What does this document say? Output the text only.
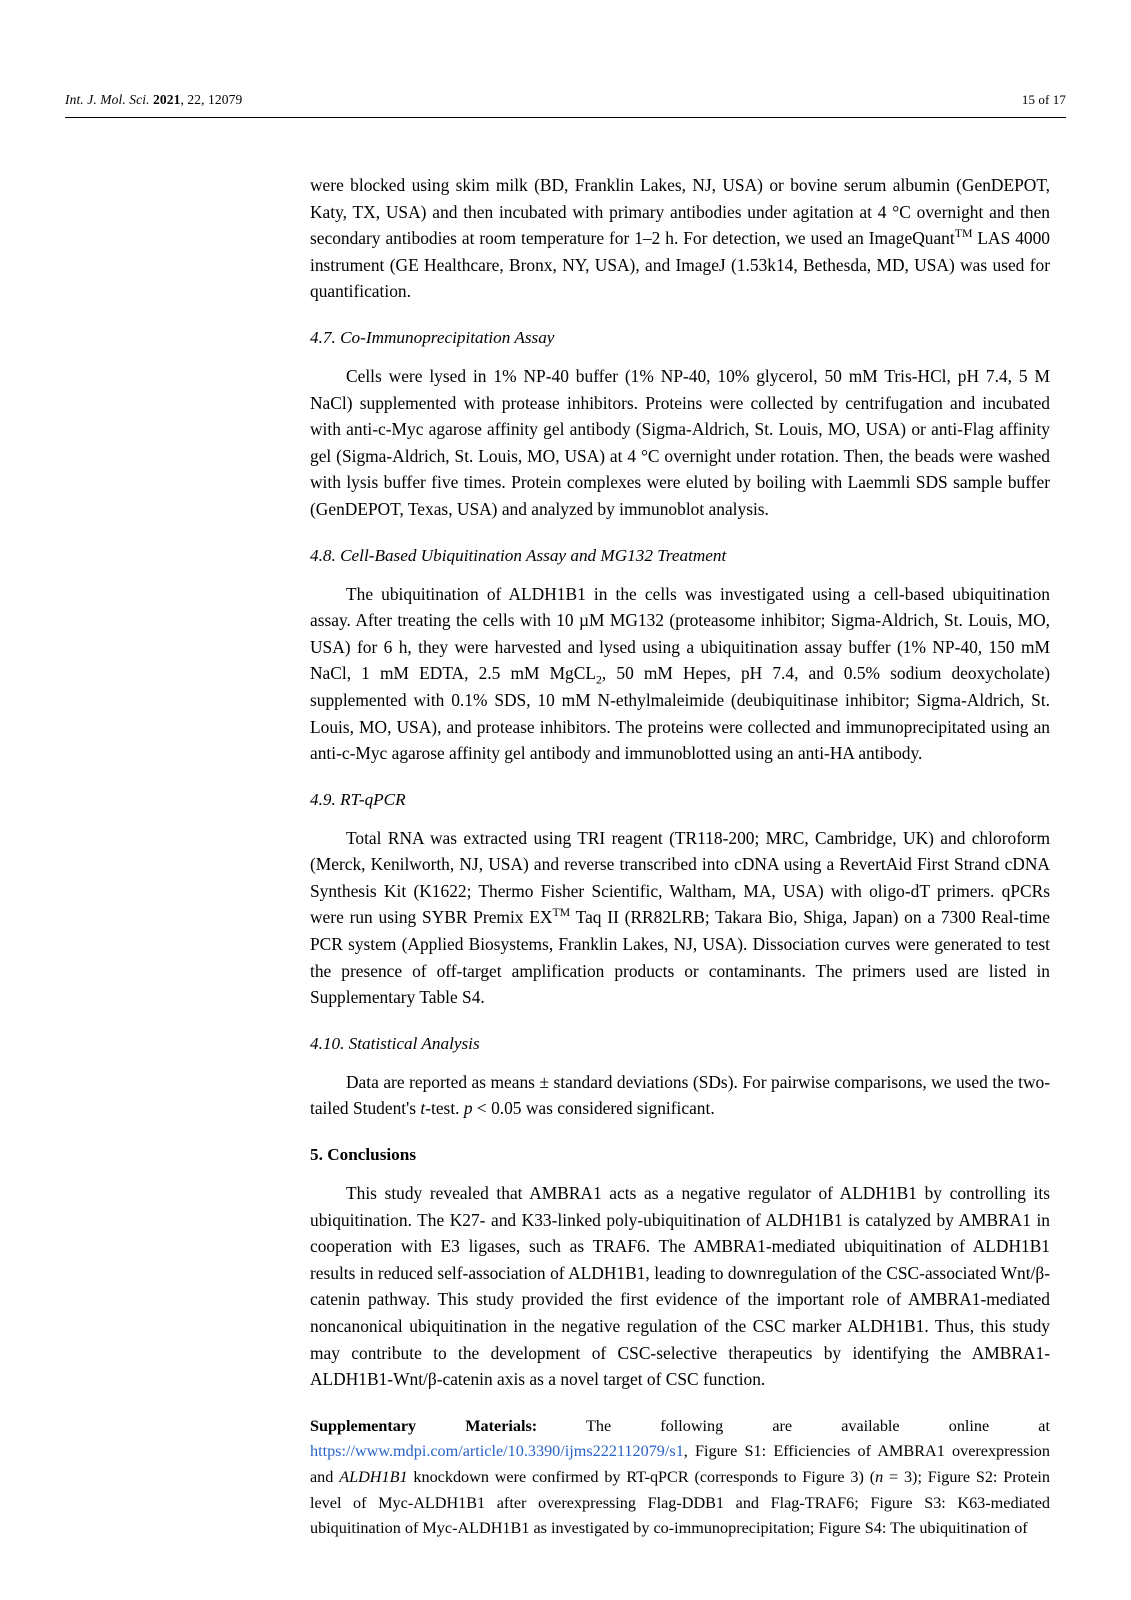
Int. J. Mol. Sci. 2021, 22, 12079	15 of 17

were blocked using skim milk (BD, Franklin Lakes, NJ, USA) or bovine serum albumin (GenDEPOT, Katy, TX, USA) and then incubated with primary antibodies under agitation at 4 °C overnight and then secondary antibodies at room temperature for 1–2 h. For detection, we used an ImageQuant™ LAS 4000 instrument (GE Healthcare, Bronx, NY, USA), and ImageJ (1.53k14, Bethesda, MD, USA) was used for quantification.

4.7. Co-Immunoprecipitation Assay

Cells were lysed in 1% NP-40 buffer (1% NP-40, 10% glycerol, 50 mM Tris-HCl, pH 7.4, 5 M NaCl) supplemented with protease inhibitors. Proteins were collected by centrifugation and incubated with anti-c-Myc agarose affinity gel antibody (Sigma-Aldrich, St. Louis, MO, USA) or anti-Flag affinity gel (Sigma-Aldrich, St. Louis, MO, USA) at 4 °C overnight under rotation. Then, the beads were washed with lysis buffer five times. Protein complexes were eluted by boiling with Laemmli SDS sample buffer (GenDEPOT, Texas, USA) and analyzed by immunoblot analysis.

4.8. Cell-Based Ubiquitination Assay and MG132 Treatment

The ubiquitination of ALDH1B1 in the cells was investigated using a cell-based ubiquitination assay. After treating the cells with 10 µM MG132 (proteasome inhibitor; Sigma-Aldrich, St. Louis, MO, USA) for 6 h, they were harvested and lysed using a ubiquitination assay buffer (1% NP-40, 150 mM NaCl, 1 mM EDTA, 2.5 mM MgCL$_2$, 50 mM Hepes, pH 7.4, and 0.5% sodium deoxycholate) supplemented with 0.1% SDS, 10 mM N-ethylmaleimide (deubiquitinase inhibitor; Sigma-Aldrich, St. Louis, MO, USA), and protease inhibitors. The proteins were collected and immunoprecipitated using an anti-c-Myc agarose affinity gel antibody and immunoblotted using an anti-HA antibody.

4.9. RT-qPCR

Total RNA was extracted using TRI reagent (TR118-200; MRC, Cambridge, UK) and chloroform (Merck, Kenilworth, NJ, USA) and reverse transcribed into cDNA using a RevertAid First Strand cDNA Synthesis Kit (K1622; Thermo Fisher Scientific, Waltham, MA, USA) with oligo-dT primers. qPCRs were run using SYBR Premix EX™ Taq II (RR82LRB; Takara Bio, Shiga, Japan) on a 7300 Real-time PCR system (Applied Biosystems, Franklin Lakes, NJ, USA). Dissociation curves were generated to test the presence of off-target amplification products or contaminants. The primers used are listed in Supplementary Table S4.

4.10. Statistical Analysis

Data are reported as means ± standard deviations (SDs). For pairwise comparisons, we used the two-tailed Student's t-test. p < 0.05 was considered significant.

5. Conclusions

This study revealed that AMBRA1 acts as a negative regulator of ALDH1B1 by controlling its ubiquitination. The K27- and K33-linked poly-ubiquitination of ALDH1B1 is catalyzed by AMBRA1 in cooperation with E3 ligases, such as TRAF6. The AMBRA1-mediated ubiquitination of ALDH1B1 results in reduced self-association of ALDH1B1, leading to downregulation of the CSC-associated Wnt/β-catenin pathway. This study provided the first evidence of the important role of AMBRA1-mediated noncanonical ubiquitination in the negative regulation of the CSC marker ALDH1B1. Thus, this study may contribute to the development of CSC-selective therapeutics by identifying the AMBRA1-ALDH1B1-Wnt/β-catenin axis as a novel target of CSC function.

Supplementary Materials: The following are available online at https://www.mdpi.com/article/10.3390/ijms222112079/s1, Figure S1: Efficiencies of AMBRA1 overexpression and ALDH1B1 knockdown were confirmed by RT-qPCR (corresponds to Figure 3) (n = 3); Figure S2: Protein level of Myc-ALDH1B1 after overexpressing Flag-DDB1 and Flag-TRAF6; Figure S3: K63-mediated ubiquitination of Myc-ALDH1B1 as investigated by co-immunoprecipitation; Figure S4: The ubiquitination of
